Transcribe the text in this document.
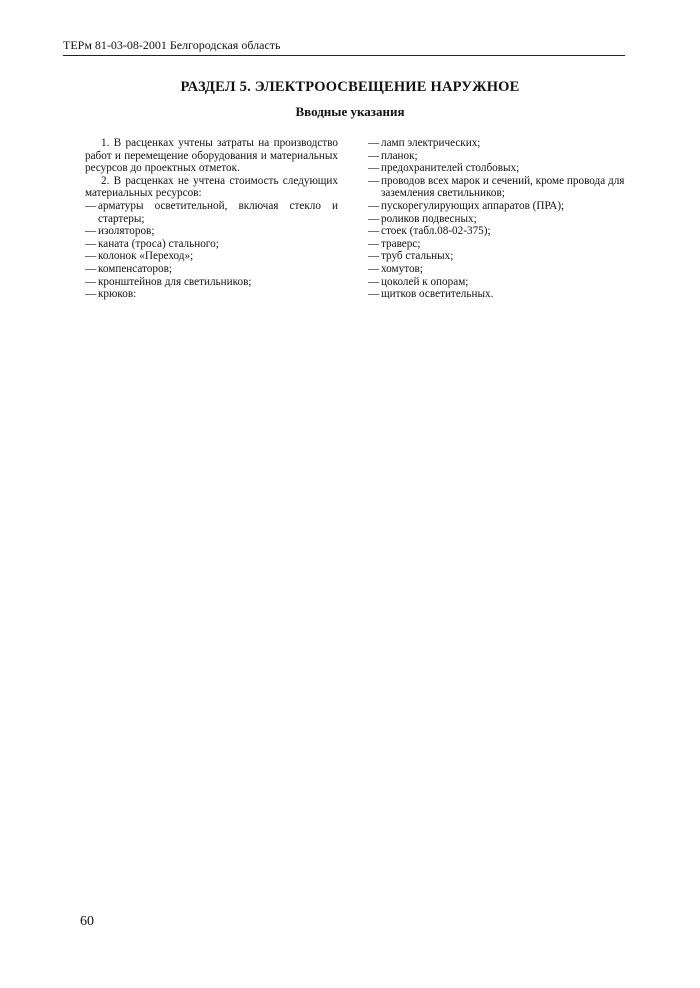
ТЕРм 81-03-08-2001 Белгородская область
РАЗДЕЛ 5. ЭЛЕКТРООСВЕЩЕНИЕ НАРУЖНОЕ
Вводные указания

1. В расценках учтены затраты на производство работ и перемещение оборудования и материальных ресурсов до проектных отметок.

2. В расценках не учтена стоимость следующих материальных ресурсов:

— арматуры осветительной, включая стекло и стартеры;
— изоляторов;
— каната (троса) стального;
— колонок «Переход»;
— компенсаторов;
— кронштейнов для светильников;
— крюков:
— ламп электрических;
— планок;
— предохранителей столбовых;
— проводов всех марок и сечений, кроме провода для заземления светильников;
— пускорегулирующих аппаратов (ПРА);
— роликов подвесных;
— стоек (табл.08-02-375);
— траверс;
— труб стальных;
— хомутов;
— цоколей к опорам;
— щитков осветительных.
60
